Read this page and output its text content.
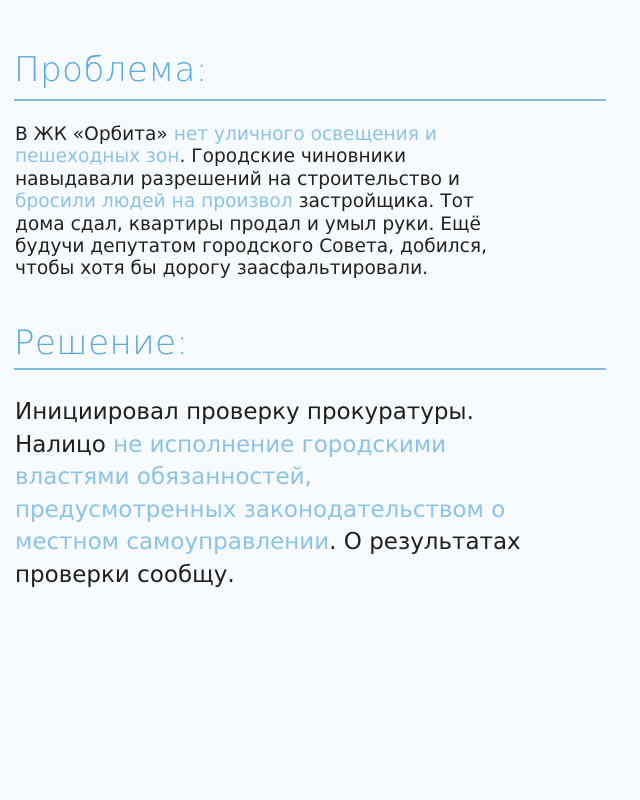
Проблема:

В ЖК «Орбита» нет уличного освещения и
пешеходных зон. Городские чиновники
навыдавали разрешений на строительство и
бросили людей на произвол застройщика. Тот
дома сдал, квартиры продал и умыл руки. Ещё
будучи депутатом городского Совета, добился,
чтобы хотя бы дорогу заасфальтировали.

Решение:

Инициировал проверку прокуратуры.
Налицо не исполнение городскими
властями обязанностей,
предусмотренных законодательством о
местном самоуправлении. О результатах
проверки сообщу.
